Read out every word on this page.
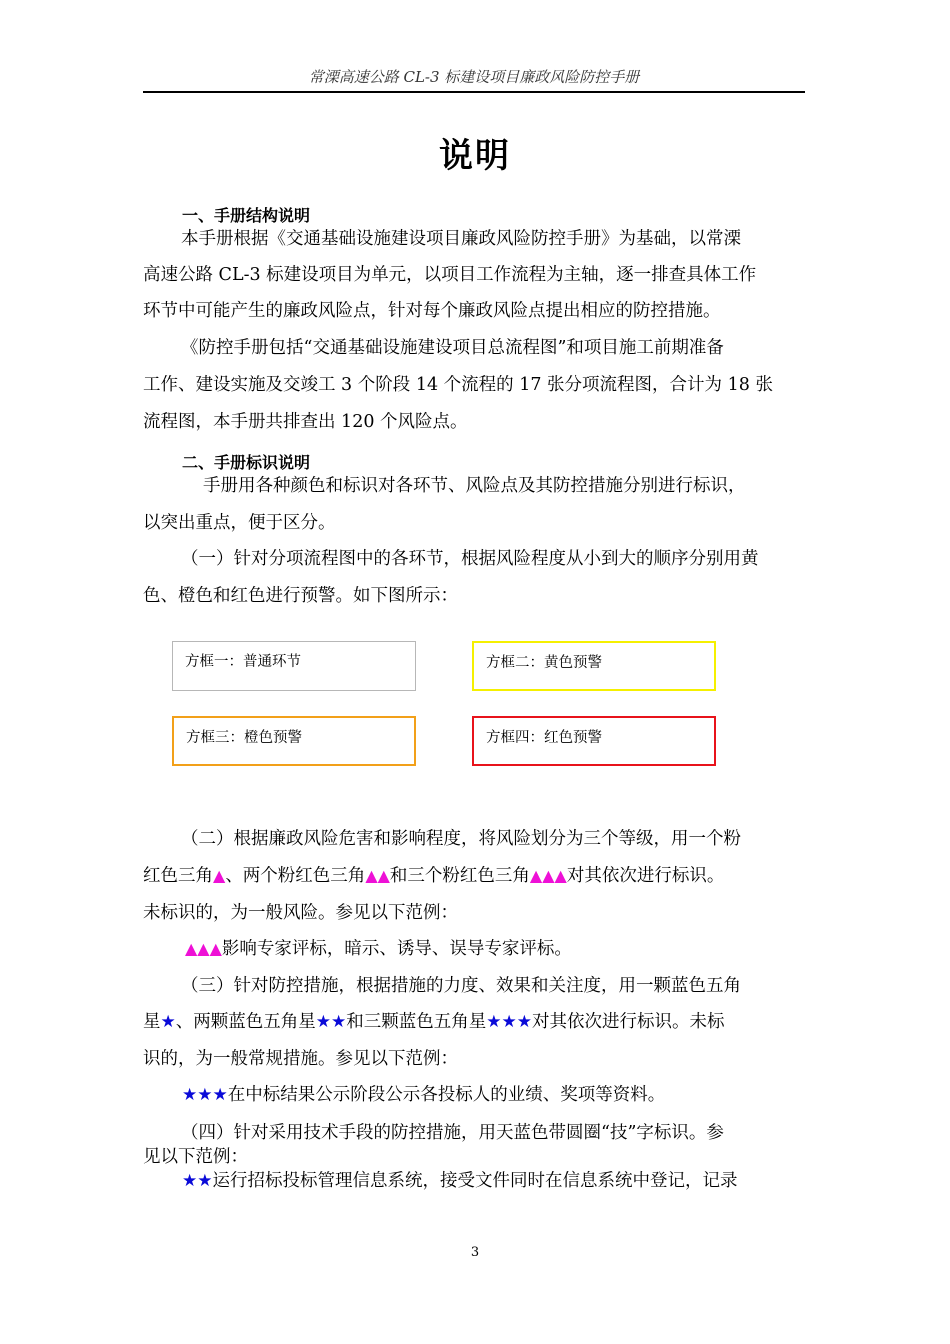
常溧高速公路 CL-3 标建设项目廉政风险防控手册
说明
一、手册结构说明
本手册根据《交通基础设施建设项目廉政风险防控手册》为基础，以常溧
高速公路 CL-3 标建设项目为单元，以项目工作流程为主轴，逐一排查具体工作
环节中可能产生的廉政风险点，针对每个廉政风险点提出相应的防控措施。
《防控手册包括“交通基础设施建设项目总流程图”和项目施工前期准备
工作、建设实施及交竣工 3 个阶段 14 个流程的 17 张分项流程图，合计为 18 张
流程图，本手册共排查出 120 个风险点。
二、手册标识说明
手册用各种颜色和标识对各环节、风险点及其防控措施分别进行标识，
以突出重点，便于区分。
（一）针对分项流程图中的各环节，根据风险程度从小到大的顺序分别用黄
色、橙色和红色进行预警。如下图所示：
方框一：普通环节	方框二：黄色预警
方框三：橙色预警	方框四：红色预警
（二）根据廉政风险危害和影响程度，将风险划分为三个等级，用一个粉
红色三角▲、两个粉红色三角▲▲和三个粉红色三角▲▲▲对其依次进行标识。
未标识的，为一般风险。参见以下范例：
▲▲▲影响专家评标，暗示、诱导、误导专家评标。
（三）针对防控措施，根据措施的力度、效果和关注度，用一颗蓝色五角
星★、两颗蓝色五角星★★和三颗蓝色五角星★★★对其依次进行标识。未标
识的，为一般常规措施。参见以下范例：
★★★在中标结果公示阶段公示各投标人的业绩、奖项等资料。
（四）针对采用技术手段的防控措施，用天蓝色带圆圈“技”字标识。参
见以下范例：
★★运行招标投标管理信息系统，接受文件同时在信息系统中登记，记录
3
